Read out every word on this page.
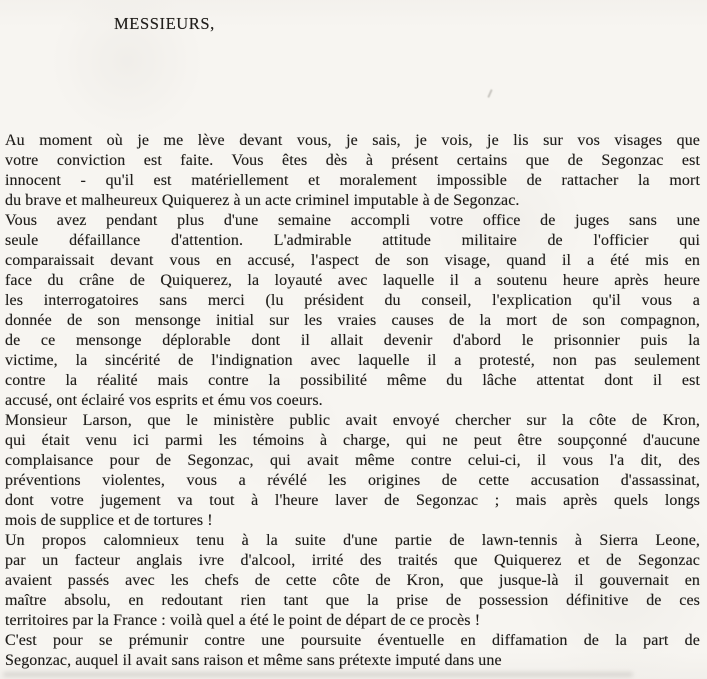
MESSIEURS,

Au moment où je me lève devant vous, je sais, je vois, je lis sur vos visages que
votre conviction est faite. Vous êtes dès à présent certains que de Segonzac est
innocent - qu'il est matériellement et moralement impossible de rattacher la mort
du brave et malheureux Quiquerez à un acte criminel imputable à de Segonzac.

Vous avez pendant plus d'une semaine accompli votre office de juges sans une
seule défaillance d'attention. L'admirable attitude militaire de l'officier qui
comparaissait devant vous en accusé, l'aspect de son visage, quand il a été mis en
face du crâne de Quiquerez, la loyauté avec laquelle il a soutenu heure après heure
les interrogatoires sans merci (lu président du conseil, l'explication qu'il vous a
donnée de son mensonge initial sur les vraies causes de la mort de son compagnon,
de ce mensonge déplorable dont il allait devenir d'abord le prisonnier puis la
victime, la sincérité de l'indignation avec laquelle il a protesté, non pas seulement
contre la réalité mais contre la possibilité même du lâche attentat dont il est
accusé, ont éclairé vos esprits et ému vos coeurs.

Monsieur Larson, que le ministère public avait envoyé chercher sur la côte de Kron,
qui était venu ici parmi les témoins à charge, qui ne peut être soupçonné d'aucune
complaisance pour de Segonzac, qui avait même contre celui-ci, il vous l'a dit, des
préventions violentes, vous a révélé les origines de cette accusation d'assassinat,
dont votre jugement va tout à l'heure laver de Segonzac ; mais après quels longs
mois de supplice et de tortures !

Un propos calomnieux tenu à la suite d'une partie de lawn-tennis à Sierra Leone,
par un facteur anglais ivre d'alcool, irrité des traités que Quiquerez et de Segonzac
avaient passés avec les chefs de cette côte de Kron, que jusque-là il gouvernait en
maître absolu, en redoutant rien tant que la prise de possession définitive de ces
territoires par la France : voilà quel a été le point de départ de ce procès !

C'est pour se prémunir contre une poursuite éventuelle en diffamation de la part de
Segonzac, auquel il avait sans raison et même sans prétexte imputé dans une
